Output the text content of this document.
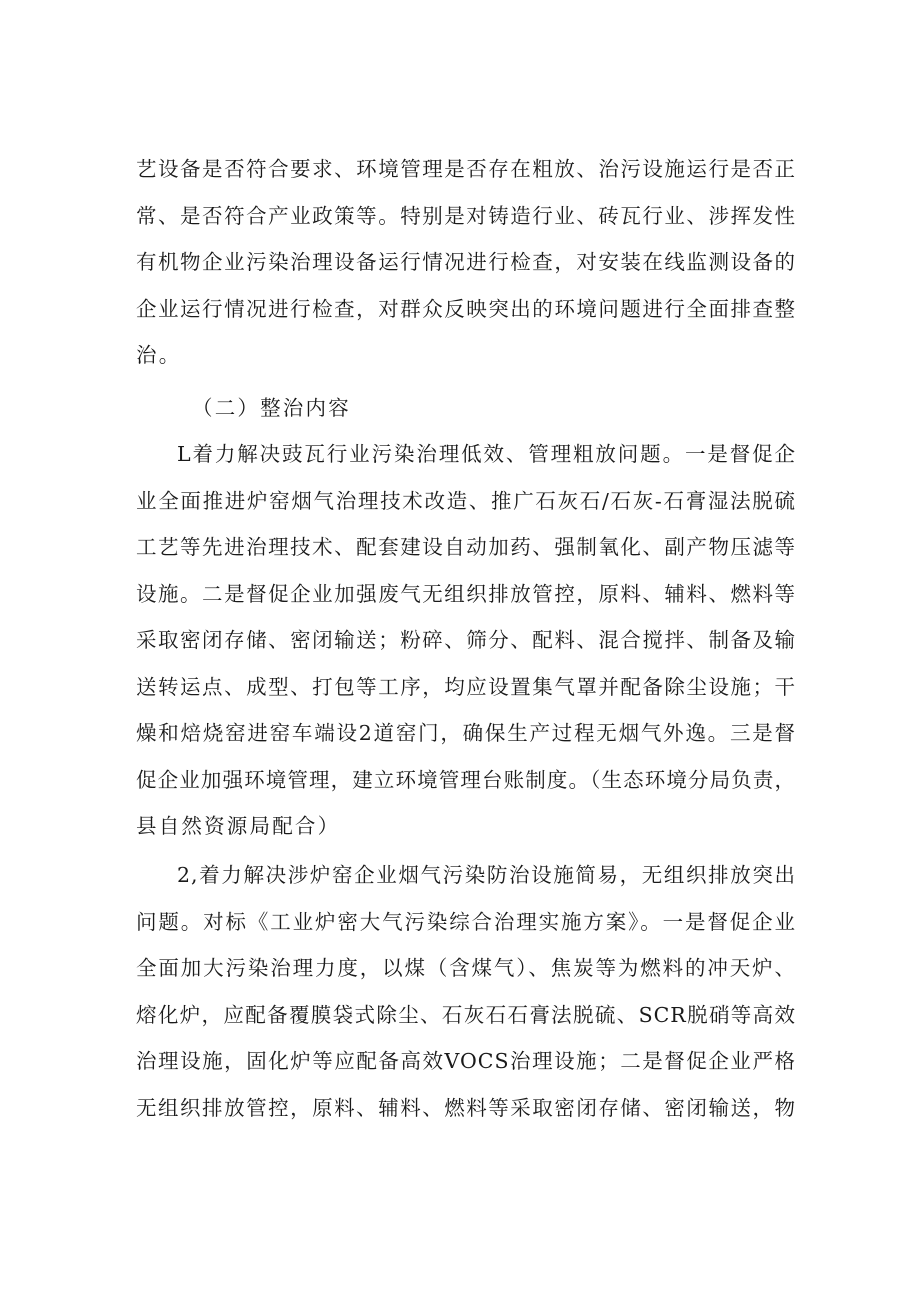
艺设备是否符合要求、环境管理是否存在粗放、治污设施运行是否正
常、是否符合产业政策等。特别是对铸造行业、砖瓦行业、涉挥发性
有机物企业污染治理设备运行情况进行检查，对安装在线监测设备的
企业运行情况进行检查，对群众反映突出的环境问题进行全面排查整
治。
（二）整治内容
L着力解决豉瓦行业污染治理低效、管理粗放问题。一是督促企
业全面推进炉窑烟气治理技术改造、推广石灰石/石灰-石膏湿法脱硫
工艺等先进治理技术、配套建设自动加药、强制氧化、副产物压滤等
设施。二是督促企业加强废气无组织排放管控，原料、辅料、燃料等
采取密闭存储、密闭输送；粉碎、筛分、配料、混合搅拌、制备及输
送转运点、成型、打包等工序，均应设置集气罩并配备除尘设施；干
燥和焙烧窑进窑车端设2道窑门，确保生产过程无烟气外逸。三是督
促企业加强环境管理，建立环境管理台账制度。（生态环境分局负责，
县自然资源局配合）
2,着力解决涉炉窑企业烟气污染防治设施简易，无组织排放突出
问题。对标《工业炉密大气污染综合治理实施方案》。一是督促企业
全面加大污染治理力度，以煤（含煤气）、焦炭等为燃料的冲天炉、
熔化炉，应配备覆膜袋式除尘、石灰石石膏法脱硫、SCR脱硝等高效
治理设施，固化炉等应配备高效VOCS治理设施；二是督促企业严格
无组织排放管控，原料、辅料、燃料等采取密闭存储、密闭输送，物
